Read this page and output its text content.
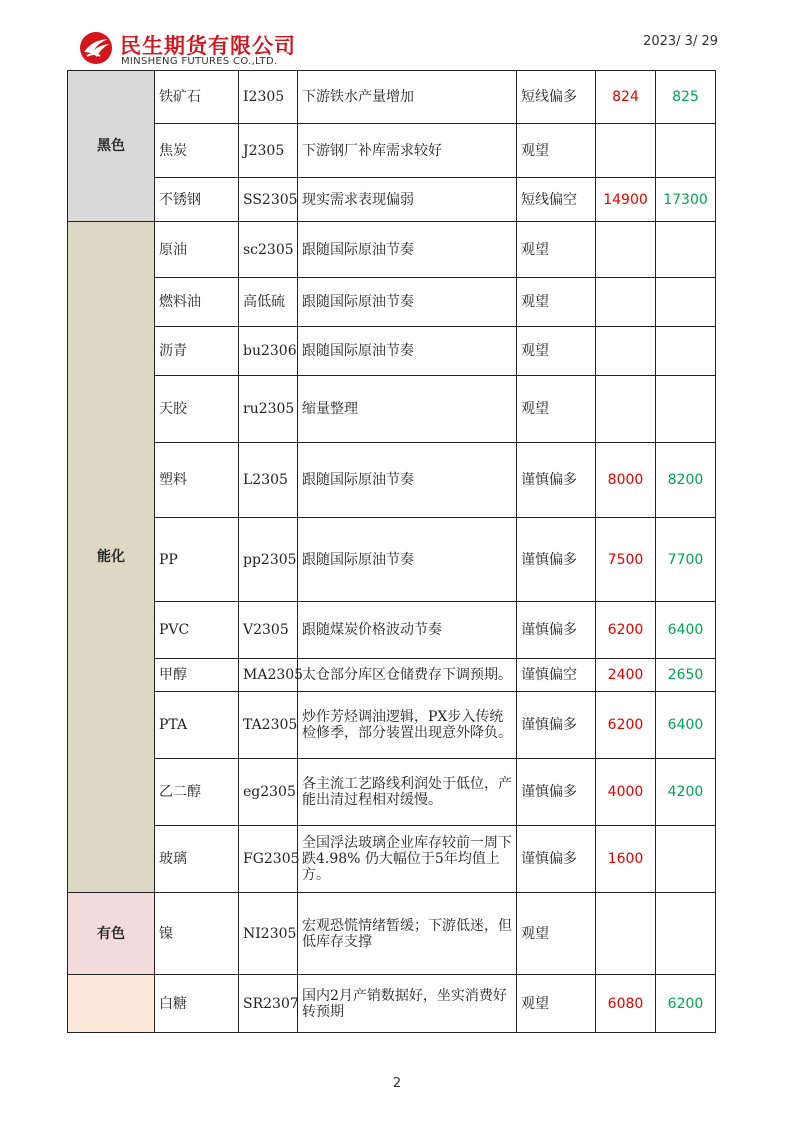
民生期货有限公司
MINSHENG FUTURES CO.,LTD.
2023/ 3/ 29
黑色	铁矿石	I2305	下游铁水产量增加	短线偏多	824	825
	焦炭	J2305	下游钢厂补库需求较好	观望		
	不锈钢	SS2305	现实需求表现偏弱	短线偏空	14900	17300
能化	原油	sc2305	跟随国际原油节奏	观望		
	燃料油	高低硫	跟随国际原油节奏	观望		
	沥青	bu2306	跟随国际原油节奏	观望		
	天胶	ru2305	缩量整理	观望		
	塑料	L2305	跟随国际原油节奏	谨慎偏多	8000	8200
	PP	pp2305	跟随国际原油节奏	谨慎偏多	7500	7700
	PVC	V2305	跟随煤炭价格波动节奏	谨慎偏多	6200	6400
	甲醇	MA2305	太仓部分库区仓储费存下调预期。	谨慎偏空	2400	2650
	PTA	TA2305	炒作芳烃调油逻辑，PX步入传统检修季，部分装置出现意外降负。	谨慎偏多	6200	6400
	乙二醇	eg2305	各主流工艺路线利润处于低位，产能出清过程相对缓慢。	谨慎偏多	4000	4200
	玻璃	FG2305	全国浮法玻璃企业库存较前一周下跌4.98% 仍大幅位于5年均值上方。	谨慎偏多	1600	
有色	镍	NI2305	宏观恐慌情绪暂缓；下游低迷，但低库存支撑	观望		
	白糖	SR2307	国内2月产销数据好，坐实消费好转预期	观望	6080	6200
2
